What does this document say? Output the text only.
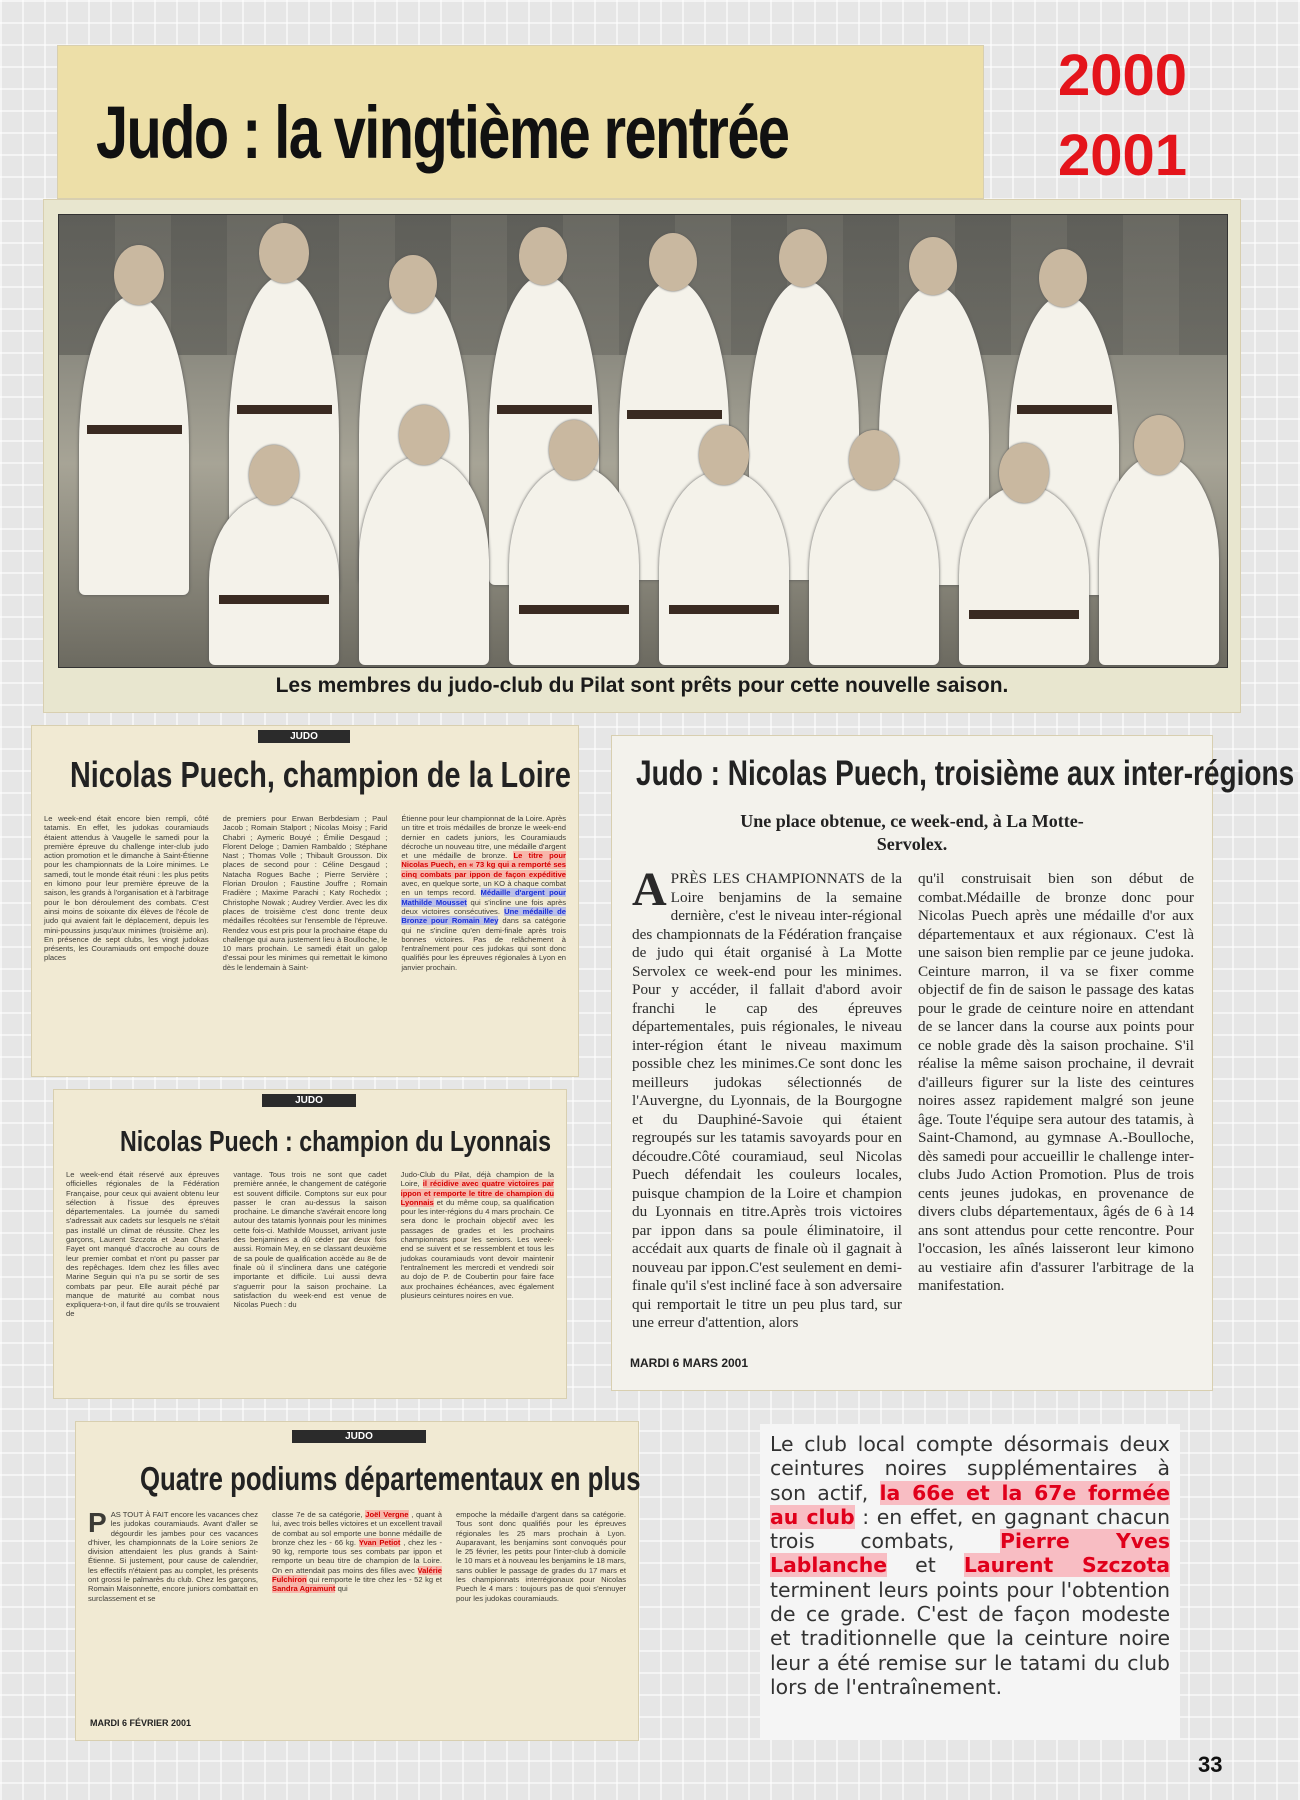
Judo : la vingtième rentrée
2000
2001
Les membres du judo-club du Pilat sont prêts pour cette nouvelle saison.
JUDO
Nicolas Puech, champion de la Loire
Le week-end était encore bien rempli, côté tatamis. En effet, les judokas couramiauds étaient attendus à Vaugelle le samedi pour la première épreuve du challenge inter-club judo action promotion et le dimanche à Saint-Étienne pour les championnats de la Loire minimes. Le samedi, tout le monde était réuni : les plus petits en kimono pour leur première épreuve de la saison, les grands à l'organisation et à l'arbitrage pour le bon déroulement des combats. C'est ainsi moins de soixante dix élèves de l'école de judo qui avaient fait le déplacement, depuis les mini-poussins jusqu'aux minimes (troisième an). En présence de sept clubs, les vingt judokas présents, les Couramiauds ont empoché douze places
de premiers pour Erwan Berbdesiam ; Paul Jacob ; Romain Stalport ; Nicolas Moisy ; Farid Chabri ; Aymeric Bouyé ; Émilie Desgaud ; Florent Deloge ; Damien Rambaldo ; Stéphane Nast ; Thomas Volle ; Thibault Grousson. Dix places de second pour : Céline Desgaud ; Natacha Rogues Bache ; Pierre Servière ; Florian Droulon ; Faustine Jouffre ; Romain Fradière ; Maxime Parachi ; Katy Rochedix ; Christophe Nowak ; Audrey Verdier. Avec les dix places de troisième c'est donc trente deux médailles récoltées sur l'ensemble de l'épreuve. Rendez vous est pris pour la prochaine étape du challenge qui aura justement lieu à Boulloche, le 10 mars prochain. Le samedi était un galop d'essai pour les minimes qui remettait le kimono dès le lendemain à Saint-
Étienne pour leur championnat de la Loire. Après un titre et trois médailles de bronze le week-end dernier en cadets juniors, les Couramiauds décroche un nouveau titre, une médaille d'argent et une médaille de bronze. Le titre pour Nicolas Puech, en « 73 kg qui a remporté ses cinq combats par ippon de façon expéditive avec, en quelque sorte, un KO à chaque combat en un temps record. Médaille d'argent pour Mathilde Mousset qui s'incline une fois après deux victoires consécutives. Une médaille de Bronze pour Romain Mey dans sa catégorie qui ne s'incline qu'en demi-finale après trois bonnes victoires. Pas de relâchement à l'entraînement pour ces judokas qui sont donc qualifiés pour les épreuves régionales à Lyon en janvier prochain.
JUDO
Nicolas Puech : champion du Lyonnais
Le week-end était réservé aux épreuves officielles régionales de la Fédération Française, pour ceux qui avaient obtenu leur sélection à l'issue des épreuves départementales. La journée du samedi s'adressait aux cadets sur lesquels ne s'était pas installé un climat de réussite. Chez les garçons, Laurent Szczota et Jean Charles Fayet ont manqué d'accroche au cours de leur premier combat et n'ont pu passer par des repêchages. Idem chez les filles avec Marine Seguin qui n'a pu se sortir de ses combats par peur. Elle aurait péché par manque de maturité au combat nous expliquera-t-on, il faut dire qu'ils se trouvaient de
vantage. Tous trois ne sont que cadet première année, le changement de catégorie est souvent difficile. Comptons sur eux pour passer le cran au-dessus la saison prochaine. Le dimanche s'avérait encore long autour des tatamis lyonnais pour les minimes cette fois-ci. Mathilde Mousset, arrivant juste des benjamines a dû céder par deux fois aussi. Romain Mey, en se classant deuxième de sa poule de qualification accède au 8e de finale où il s'inclinera dans une catégorie importante et difficile. Lui aussi devra s'aguerrir pour la saison prochaine. La satisfaction du week-end est venue de Nicolas Puech : du
Judo-Club du Pilat, déjà champion de la Loire, il récidive avec quatre victoires par ippon et remporte le titre de champion du Lyonnais et du même coup, sa qualification pour les inter-régions du 4 mars prochain. Ce sera donc le prochain objectif avec les passages de grades et les prochains championnats pour les seniors. Les week-end se suivent et se ressemblent et tous les judokas couramiauds vont devoir maintenir l'entraînement les mercredi et vendredi soir au dojo de P. de Coubertin pour faire face aux prochaines échéances, avec également plusieurs ceintures noires en vue.
Judo : Nicolas Puech, troisième aux inter-régions
Une place obtenue, ce week-end, à La Motte-Servolex.
APRÈS LES CHAMPIONNATS de la Loire benjamins de la semaine dernière, c'est le niveau inter-régional des championnats de la Fédération française de judo qui était organisé à La Motte Servolex ce week-end pour les minimes. Pour y accéder, il fallait d'abord avoir franchi le cap des épreuves départementales, puis régionales, le niveau inter-région étant le niveau maximum possible chez les minimes.Ce sont donc les meilleurs judokas sélectionnés de l'Auvergne, du Lyonnais, de la Bourgogne et du Dauphiné-Savoie qui étaient regroupés sur les tatamis savoyards pour en découdre.Côté couramiaud, seul Nicolas Puech défendait les couleurs locales, puisque champion de la Loire et champion du Lyonnais en titre.Après trois victoires par ippon dans sa poule éliminatoire, il accédait aux quarts de finale où il gagnait à nouveau par ippon.C'est seulement en demi-finale qu'il s'est incliné face à son adversaire qui remportait le titre un peu plus tard, sur une erreur d'attention, alors
qu'il construisait bien son début de combat.Médaille de bronze donc pour Nicolas Puech après une médaille d'or aux départementaux et aux régionaux. C'est là une saison bien remplie par ce jeune judoka. Ceinture marron, il va se fixer comme objectif de fin de saison le passage des katas pour le grade de ceinture noire en attendant de se lancer dans la course aux points pour ce noble grade dès la saison prochaine. S'il réalise la même saison prochaine, il devrait d'ailleurs figurer sur la liste des ceintures noires assez rapidement malgré son jeune âge. Toute l'équipe sera autour des tatamis, à Saint-Chamond, au gymnase A.-Boulloche, dès samedi pour accueillir le challenge inter-clubs Judo Action Promotion. Plus de trois cents jeunes judokas, en provenance de divers clubs départementaux, âgés de 6 à 14 ans sont attendus pour cette rencontre. Pour l'occasion, les aînés laisseront leur kimono au vestiaire afin d'assurer l'arbitrage de la manifestation.
MARDI 6 MARS 2001
JUDO
Quatre podiums départementaux en plus
PAS TOUT À FAIT encore les vacances chez les judokas couramiauds. Avant d'aller se dégourdir les jambes pour ces vacances d'hiver, les championnats de la Loire seniors 2e division attendaient les plus grands à Saint-Étienne. Si justement, pour cause de calendrier, les effectifs n'étaient pas au complet, les présents ont grossi le palmarès du club. Chez les garçons, Romain Maisonnette, encore juniors combattait en surclassement et se
classe 7e de sa catégorie, Joël Vergne , quant à lui, avec trois belles victoires et un excellent travail de combat au sol emporte une bonne médaille de bronze chez les - 66 kg. Yvan Petiot , chez les - 90 kg, remporte tous ses combats par ippon et remporte un beau titre de champion de la Loire. On en attendait pas moins des filles avec Valérie Fulchiron qui remporte le titre chez les - 52 kg et Sandra Agramunt qui
empoche la médaille d'argent dans sa catégorie. Tous sont donc qualifiés pour les épreuves régionales les 25 mars prochain à Lyon. Auparavant, les benjamins sont convoqués pour le 25 février, les petits pour l'inter-club à domicile le 10 mars et à nouveau les benjamins le 18 mars, sans oublier le passage de grades du 17 mars et les championnats interrégionaux pour Nicolas Puech le 4 mars : toujours pas de quoi s'ennuyer pour les judokas couramiauds.
MARDI 6 FÉVRIER 2001
Le club local compte désormais deux ceintures noires supplémentaires à son actif, la 66e et la 67e formée au club : en effet, en gagnant chacun trois combats, Pierre Yves Lablanche et Laurent Szczota terminent leurs points pour l'obtention de ce grade. C'est de façon modeste et traditionnelle que la ceinture noire leur a été remise sur le tatami du club lors de l'entraînement.
33
